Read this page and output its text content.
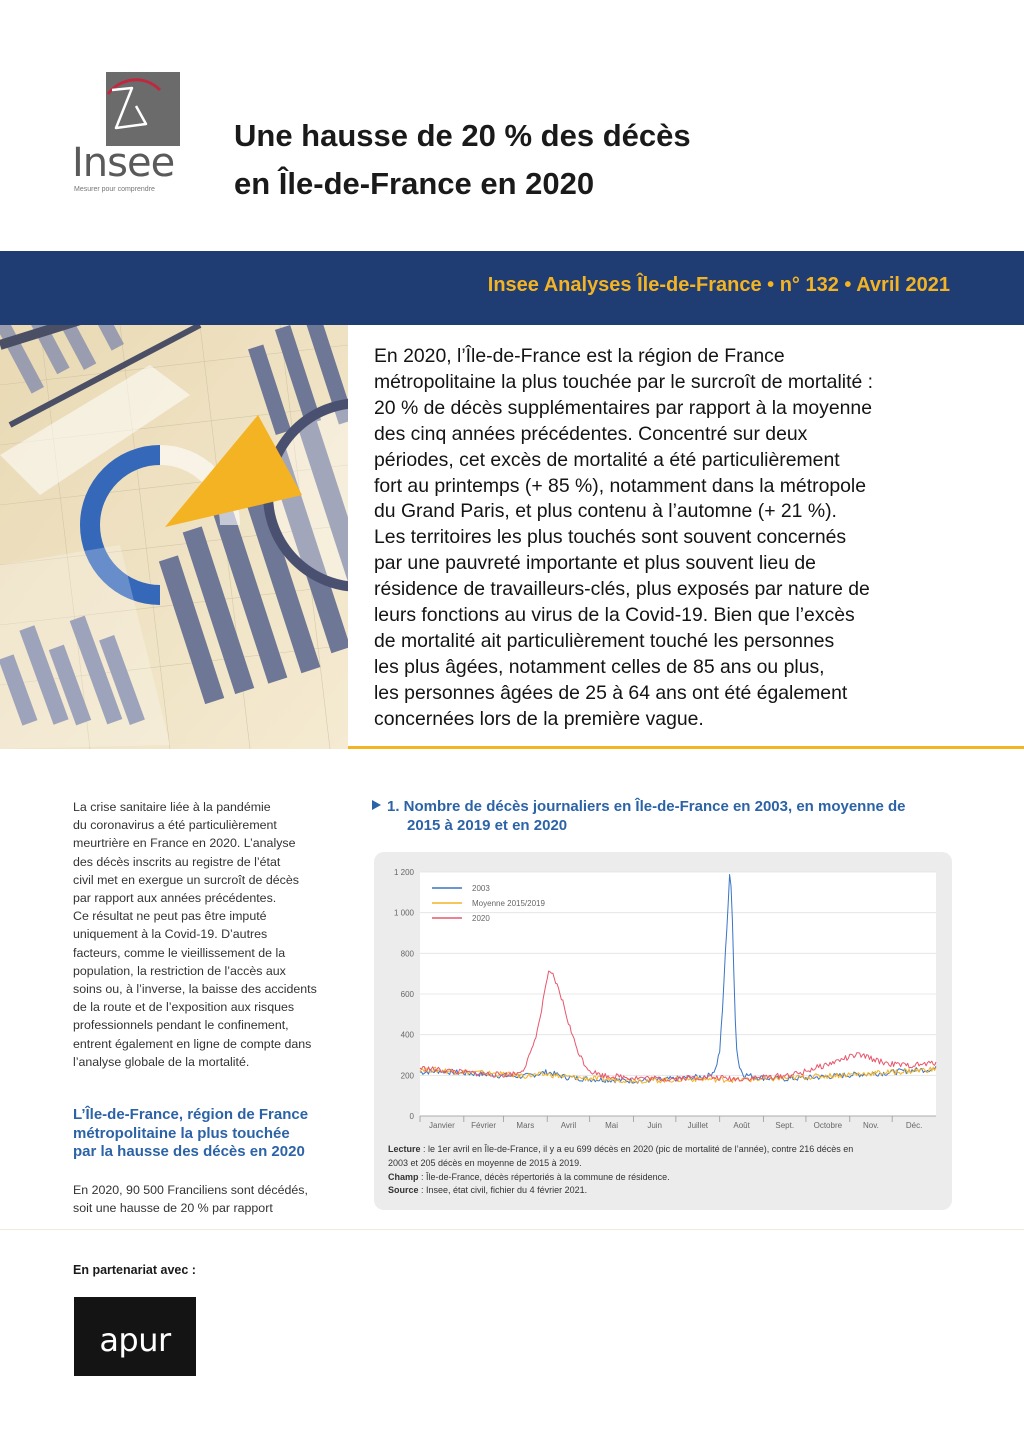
Insee
Mesurer pour comprendre
Une hausse de 20 % des décès
en Île-de-France en 2020
Insee Analyses Île-de-France • n° 132 • Avril 2021
En 2020, l’Île-de-France est la région de France
métropolitaine la plus touchée par le surcroît de mortalité :
20 % de décès supplémentaires par rapport à la moyenne
des cinq années précédentes. Concentré sur deux
périodes, cet excès de mortalité a été particulièrement
fort au printemps (+ 85 %), notamment dans la métropole
du Grand Paris, et plus contenu à l’automne (+ 21 %).
Les territoires les plus touchés sont souvent concernés
par une pauvreté importante et plus souvent lieu de
résidence de travailleurs-clés, plus exposés par nature de
leurs fonctions au virus de la Covid-19. Bien que l’excès
de mortalité ait particulièrement touché les personnes
les plus âgées, notamment celles de 85 ans ou plus,
les personnes âgées de 25 à 64 ans ont été également
concernées lors de la première vague.
La crise sanitaire liée à la pandémie
du coronavirus a été particulièrement
meurtrière en France en 2020. L’analyse
des décès inscrits au registre de l’état
civil met en exergue un surcroît de décès
par rapport aux années précédentes.
Ce résultat ne peut pas être imputé
uniquement à la Covid-19. D’autres
facteurs, comme le vieillissement de la
population, la restriction de l’accès aux
soins ou, à l’inverse, la baisse des accidents
de la route et de l’exposition aux risques
professionnels pendant le confinement,
entrent également en ligne de compte dans
l’analyse globale de la mortalité.
L’Île-de-France, région de France
métropolitaine la plus touchée
par la hausse des décès en 2020
En 2020, 90 500 Franciliens sont décédés,
soit une hausse de 20 % par rapport
1. Nombre de décès journaliers en Île-de-France en 2003, en moyenne de
2015 à 2019 et en 2020
0
200
400
600
800
1 000
1 200
Janvier Février	Mars	Avril	Mai	Juin	Juillet	Août	Sept. Octobre	Nov.	Déc.
2003
Moyenne 2015/2019
2020
Lecture : le 1er avril en Île-de-France, il y a eu 699 décès en 2020 (pic de mortalité de l’année), contre 216 décès en
2003 et 205 décès en moyenne de 2015 à 2019.
Champ : Île-de-France, décès répertoriés à la commune de résidence.
Source : Insee, état civil, fichier du 4 février 2021.
En partenariat avec :
apur
